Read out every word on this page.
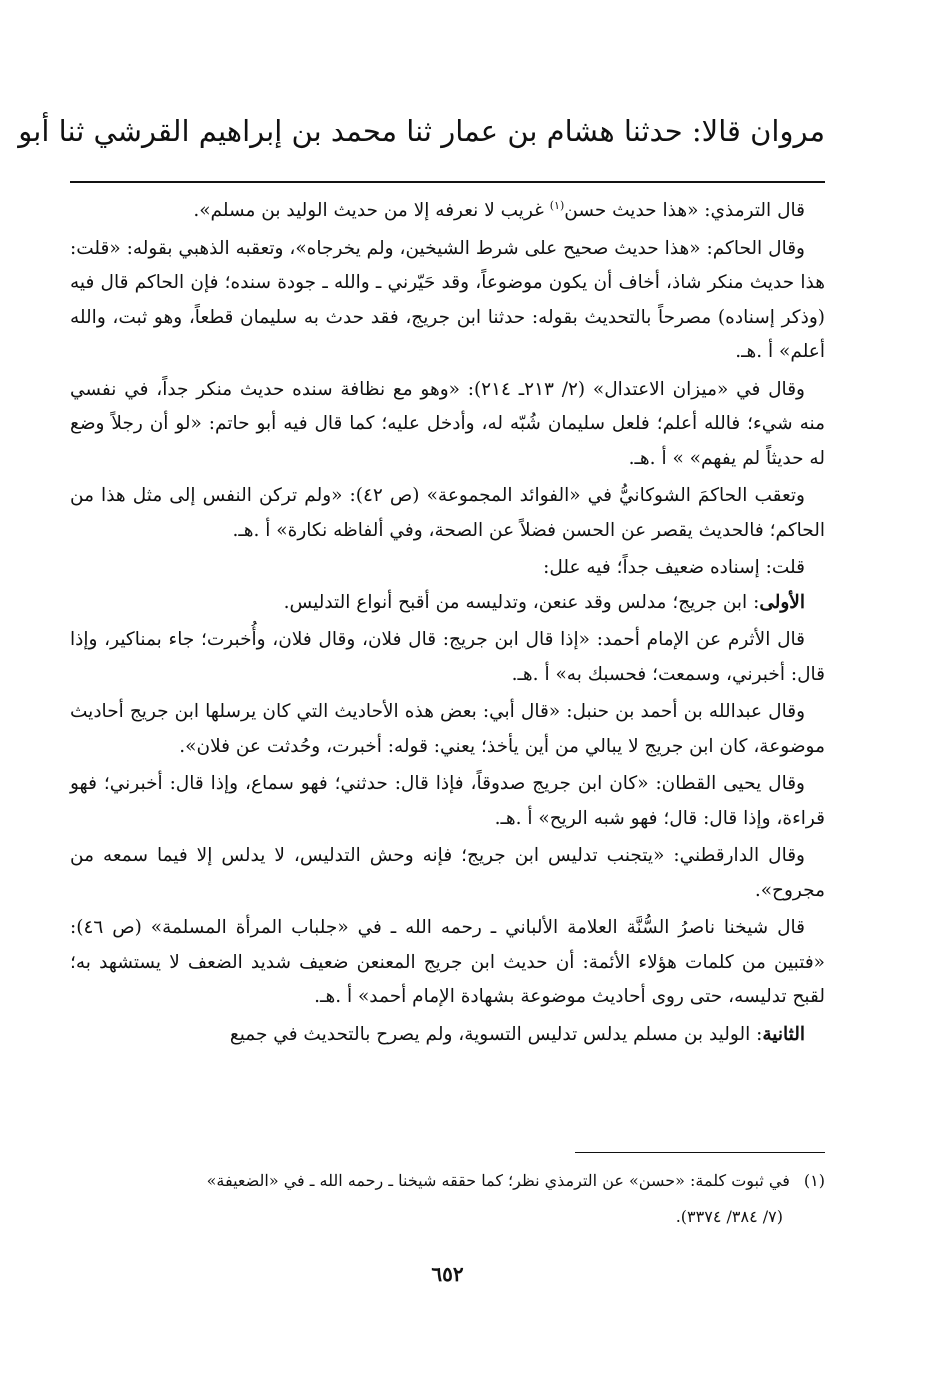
مروان قالا: حدثنا هشام بن عمار ثنا محمد بن إبراهيم القرشي ثنا أبو

قال الترمذي: «هذا حديث حسن$^{(١)}$ غريب لا نعرفه إلا من حديث الوليد بن مسلم».

وقال الحاكم: «هذا حديث صحيح على شرط الشيخين، ولم يخرجاه»، وتعقبه الذهبي بقوله: «قلت: هذا حديث منكر شاذ، أخاف أن يكون موضوعاً، وقد حَيّرني ـ والله ـ جودة سنده؛ فإن الحاكم قال فيه (وذكر إسناده) مصرحاً بالتحديث بقوله: حدثنا ابن جريج، فقد حدث به سليمان قطعاً، وهو ثبت، والله أعلم» أ .هـ.

وقال في «ميزان الاعتدال» (٢/ ٢١٣ـ ٢١٤): «وهو مع نظافة سنده حديث منكر جداً، في نفسي منه شيء؛ فالله أعلم؛ فلعل سليمان شُبّه له، وأدخل عليه؛ كما قال فيه أبو حاتم: «لو أن رجلاً وضع له حديثاً لم يفهم» » أ .هـ.

وتعقب الحاكمَ الشوكانيُّ في «الفوائد المجموعة» (ص ٤٢): «ولم تركن النفس إلى مثل هذا من الحاكم؛ فالحديث يقصر عن الحسن فضلاً عن الصحة، وفي ألفاظه نكارة» أ .هـ.

قلت: إسناده ضعيف جداً؛ فيه علل:

الأولى: ابن جريج؛ مدلس وقد عنعن، وتدليسه من أقبح أنواع التدليس.

قال الأثرم عن الإمام أحمد: «إذا قال ابن جريج: قال فلان، وقال فلان، وأُخبرت؛ جاء بمناكير، وإذا قال: أخبرني، وسمعت؛ فحسبك به» أ .هـ.

وقال عبدالله بن أحمد بن حنبل: «قال أبي: بعض هذه الأحاديث التي كان يرسلها ابن جريج أحاديث موضوعة، كان ابن جريج لا يبالي من أين يأخذ؛ يعني: قوله: أخبرت، وحُدثت عن فلان».

وقال يحيى القطان: «كان ابن جريج صدوقاً، فإذا قال: حدثني؛ فهو سماع، وإذا قال: أخبرني؛ فهو قراءة، وإذا قال: قال؛ فهو شبه الريح» أ .هـ.

وقال الدارقطني: «يتجنب تدليس ابن جريج؛ فإنه وحش التدليس، لا يدلس إلا فيما سمعه من مجروح».

قال شيخنا ناصرُ السُّنَّة العلامة الألباني ـ رحمه الله ـ في «جلباب المرأة المسلمة» (ص ٤٦): «فتبين من كلمات هؤلاء الأئمة: أن حديث ابن جريج المعنعن ضعيف شديد الضعف لا يستشهد به؛ لقبح تدليسه، حتى روى أحاديث موضوعة بشهادة الإمام أحمد» أ .هـ.

الثانية: الوليد بن مسلم يدلس تدليس التسوية، ولم يصرح بالتحديث في جميع

(١)في ثبوت كلمة: «حسن» عن الترمذي نظر؛ كما حققه شيخنا ـ رحمه الله ـ في «الضعيفة»
(٧/ ٣٨٤/ ٣٣٧٤).
٦٥٢
